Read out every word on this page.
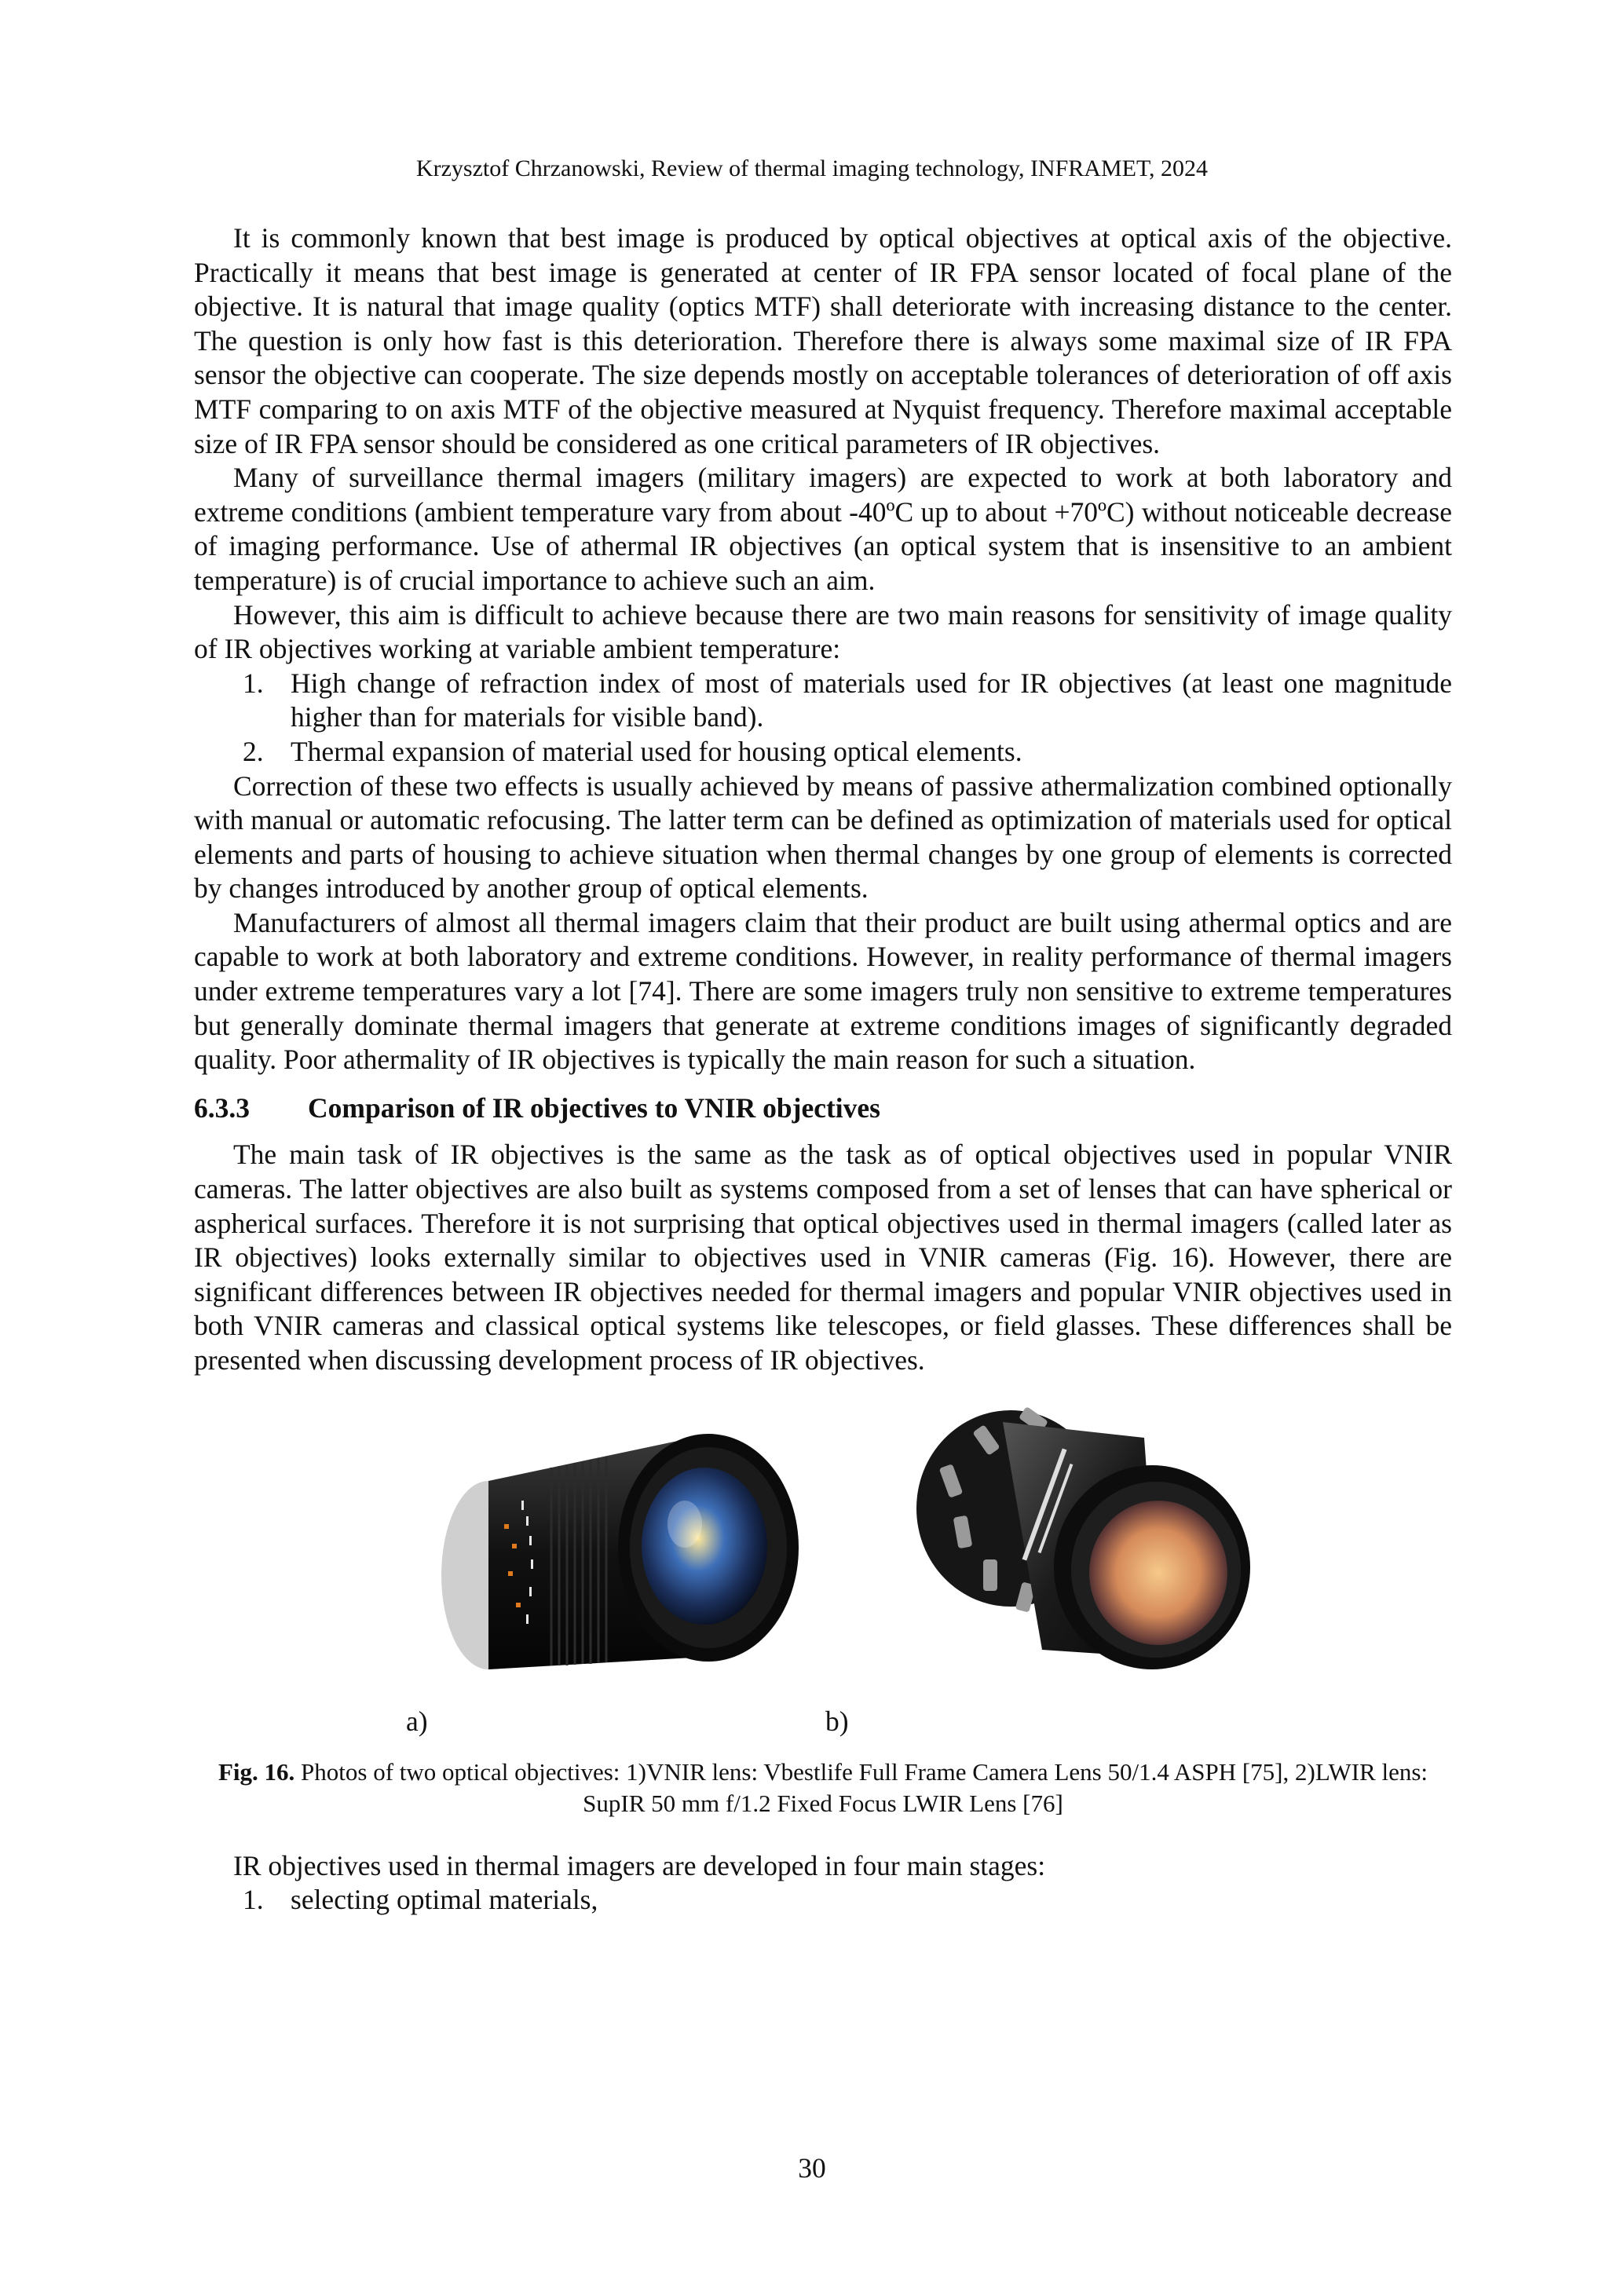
Krzysztof Chrzanowski, Review of thermal imaging technology, INFRAMET, 2024

It is commonly known that best image is produced by optical objectives at optical axis of the objective. Practically it means that best image is generated at center of IR FPA sensor located of focal plane of the objective. It is natural that image quality (optics MTF) shall deteriorate with increasing distance to the center. The question is only how fast is this deterioration. Therefore there is always some maximal size of IR FPA sensor the objective can cooperate. The size depends mostly on acceptable tolerances of deterioration of off axis MTF comparing to on axis MTF of the objective measured at Nyquist frequency. Therefore maximal acceptable size of IR FPA sensor should be considered as one critical parameters of IR objectives.

Many of surveillance thermal imagers (military imagers) are expected to work at both laboratory and extreme conditions (ambient temperature vary from about -40ºC up to about +70ºC) without noticeable decrease of imaging performance. Use of athermal IR objectives (an optical system that is insensitive to an ambient temperature) is of crucial importance to achieve such an aim.

However, this aim is difficult to achieve because there are two main reasons for sensitivity of image quality of IR objectives working at variable ambient temperature:

1. High change of refraction index of most of materials used for IR objectives (at least one magnitude higher than for materials for visible band).
2. Thermal expansion of material used for housing optical elements.

Correction of these two effects is usually achieved by means of passive athermalization combined optionally with manual or automatic refocusing. The latter term can be defined as optimization of materials used for optical elements and parts of housing to achieve situation when thermal changes by one group of elements is corrected by changes introduced by another group of optical elements.

Manufacturers of almost all thermal imagers claim that their product are built using athermal optics and are capable to work at both laboratory and extreme conditions. However, in reality performance of thermal imagers under extreme temperatures vary a lot [74]. There are some imagers truly non sensitive to extreme temperatures but generally dominate thermal imagers that generate at extreme conditions images of significantly degraded quality. Poor athermality of IR objectives is typically the main reason for such a situation.

6.3.3 Comparison of IR objectives to VNIR objectives

The main task of IR objectives is the same as the task as of optical objectives used in popular VNIR cameras. The latter objectives are also built as systems composed from a set of lenses that can have spherical or aspherical surfaces. Therefore it is not surprising that optical objectives used in thermal imagers (called later as IR objectives) looks externally similar to objectives used in VNIR cameras (Fig. 16). However, there are significant differences between IR objectives needed for thermal imagers and popular VNIR objectives used in both VNIR cameras and classical optical systems like telescopes, or field glasses. These differences shall be presented when discussing development process of IR objectives.

a)	b)

Fig. 16. Photos of two optical objectives: 1)VNIR lens: Vbestlife Full Frame Camera Lens 50/1.4 ASPH [75], 2)LWIR lens: SupIR 50 mm f/1.2 Fixed Focus LWIR Lens [76]

IR objectives used in thermal imagers are developed in four main stages:

1. selecting optimal materials,
30
